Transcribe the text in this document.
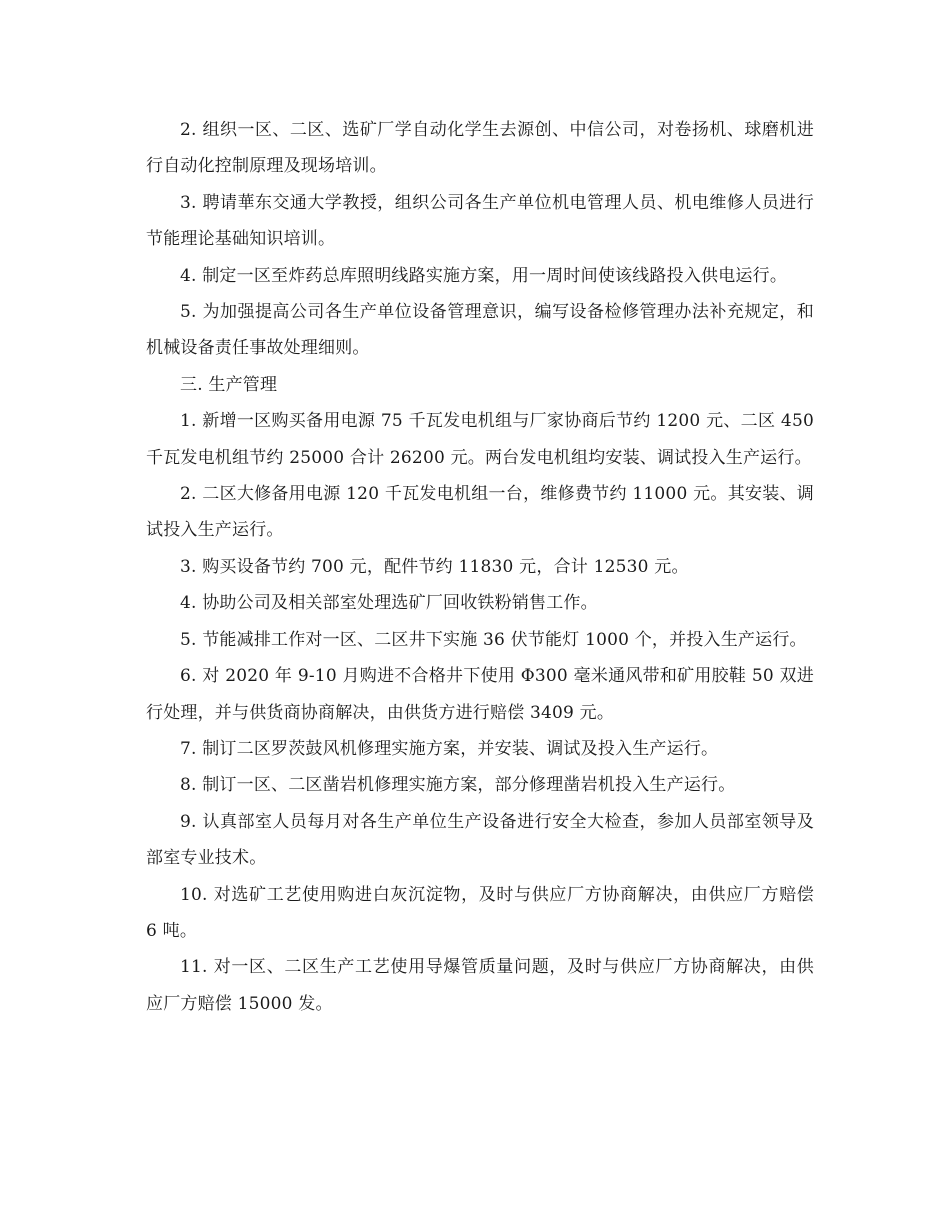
2. 组织一区、二区、选矿厂学自动化学生去源创、中信公司，对卷扬机、球磨机进行自动化控制原理及现场培训。

3. 聘请華东交通大学教授，组织公司各生产单位机电管理人员、机电维修人员进行节能理论基础知识培训。

4. 制定一区至炸药总库照明线路实施方案，用一周时间使该线路投入供电运行。

5. 为加强提高公司各生产单位设备管理意识，编写设备检修管理办法补充规定，和机械设备责任事故处理细则。

三. 生产管理

1. 新增一区购买备用电源 75 千瓦发电机组与厂家协商后节约 1200 元、二区 450 千瓦发电机组节约 25000 合计 26200 元。两台发电机组均安装、调试投入生产运行。

2. 二区大修备用电源 120 千瓦发电机组一台，维修费节约 11000 元。其安装、调试投入生产运行。

3. 购买设备节约 700 元，配件节约 11830 元，合计 12530 元。

4. 协助公司及相关部室处理选矿厂回收铁粉销售工作。

5. 节能减排工作对一区、二区井下实施 36 伏节能灯 1000 个，并投入生产运行。

6. 对 2020 年 9-10 月购进不合格井下使用 Φ300 毫米通风带和矿用胶鞋 50 双进行处理，并与供货商协商解决，由供货方进行赔偿 3409 元。

7. 制订二区罗茨鼓风机修理实施方案，并安装、调试及投入生产运行。

8. 制订一区、二区凿岩机修理实施方案，部分修理凿岩机投入生产运行。

9. 认真部室人员每月对各生产单位生产设备进行安全大检查，参加人员部室领导及部室专业技术。

10. 对选矿工艺使用购进白灰沉淀物，及时与供应厂方协商解决，由供应厂方赔偿 6 吨。

11. 对一区、二区生产工艺使用导爆管质量问题，及时与供应厂方协商解决，由供应厂方赔偿 15000 发。
